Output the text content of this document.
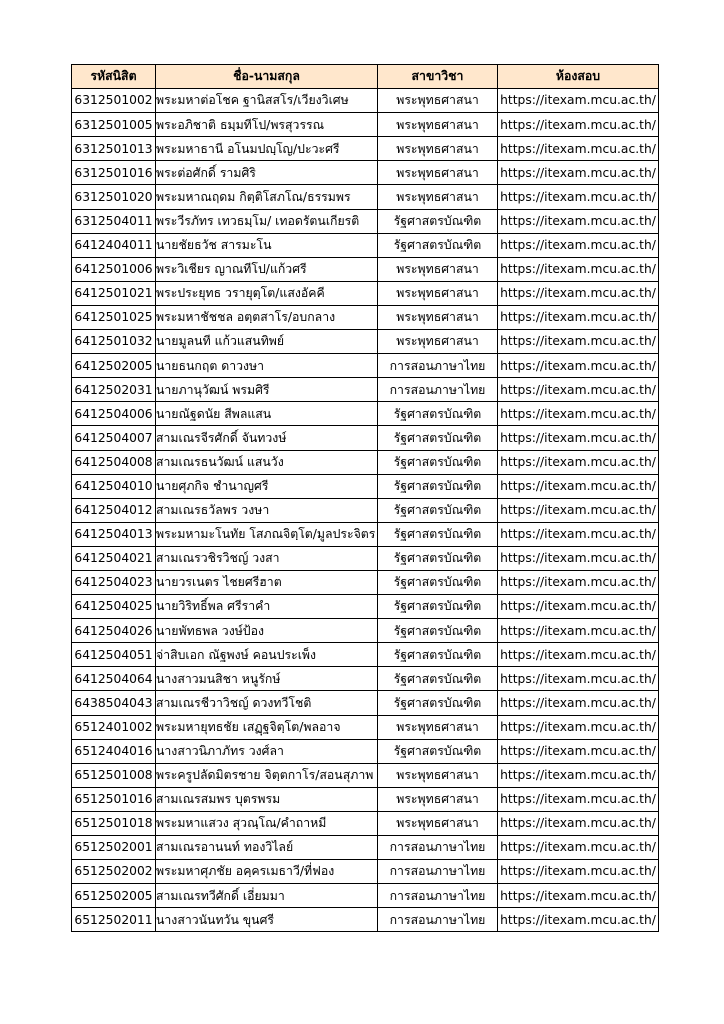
รหัสนิสิต	ชื่อ-นามสกุล	สาขาวิชา	ห้องสอบ
6312501002	พระมหาต่อโชค ฐานิสสโร/เวียงวิเศษ	พระพุทธศาสนา	https://itexam.mcu.ac.th/
6312501005	พระอภิชาติ ธมฺมทีโป/พรสุวรรณ	พระพุทธศาสนา	https://itexam.mcu.ac.th/
6312501013	พระมหาธานี อโนมปญฺโญ/ปะวะศรี	พระพุทธศาสนา	https://itexam.mcu.ac.th/
6312501016	พระต่อศักดิ์ รามศิริ	พระพุทธศาสนา	https://itexam.mcu.ac.th/
6312501020	พระมหาณฤดม กิตฺติโสภโณ/ธรรมพร	พระพุทธศาสนา	https://itexam.mcu.ac.th/
6312504011	พระวีรภัทร เทวธมฺโม/ เทอดรัตนเกียรติ	รัฐศาสตรบัณฑิต	https://itexam.mcu.ac.th/
6412404011	นายชัยธวัช สารมะโน	รัฐศาสตรบัณฑิต	https://itexam.mcu.ac.th/
6412501006	พระวิเชียร ญาณทีโป/แก้วศรี	พระพุทธศาสนา	https://itexam.mcu.ac.th/
6412501021	พระประยุทธ วรายุตฺโต/แสงอัคคี	พระพุทธศาสนา	https://itexam.mcu.ac.th/
6412501025	พระมหาชัชชล อตฺตสาโร/อบกลาง	พระพุทธศาสนา	https://itexam.mcu.ac.th/
6412501032	นายมูลนที แก้วแสนทิพย์	พระพุทธศาสนา	https://itexam.mcu.ac.th/
6412502005	นายธนกฤต ดาวงษา	การสอนภาษาไทย	https://itexam.mcu.ac.th/
6412502031	นายภานุวัฒน์ พรมศิรี	การสอนภาษาไทย	https://itexam.mcu.ac.th/
6412504006	นายณัฐดนัย สีพลแสน	รัฐศาสตรบัณฑิต	https://itexam.mcu.ac.th/
6412504007	สามเณรจีรศักดิ์ จันทวงษ์	รัฐศาสตรบัณฑิต	https://itexam.mcu.ac.th/
6412504008	สามเณรธนวัฒน์ แสนวัง	รัฐศาสตรบัณฑิต	https://itexam.mcu.ac.th/
6412504010	นายศุภกิจ ชำนาญศรี	รัฐศาสตรบัณฑิต	https://itexam.mcu.ac.th/
6412504012	สามเณรธวัลพร วงษา	รัฐศาสตรบัณฑิต	https://itexam.mcu.ac.th/
6412504013	พระมหามะโนทัย โสภณจิตฺโต/มูลประจิตร	รัฐศาสตรบัณฑิต	https://itexam.mcu.ac.th/
6412504021	สามเณรวชิรวิชญ์ วงสา	รัฐศาสตรบัณฑิต	https://itexam.mcu.ac.th/
6412504023	นายวรเนตร ไชยศรีฮาต	รัฐศาสตรบัณฑิต	https://itexam.mcu.ac.th/
6412504025	นายวิริทธิ์พล ศรีราคำ	รัฐศาสตรบัณฑิต	https://itexam.mcu.ac.th/
6412504026	นายพัทธพล วงษ์ป้อง	รัฐศาสตรบัณฑิต	https://itexam.mcu.ac.th/
6412504051	จ่าสิบเอก ณัฐพงษ์ คอนประเพ็ง	รัฐศาสตรบัณฑิต	https://itexam.mcu.ac.th/
6412504064	นางสาวมนสิชา หนูรักษ์	รัฐศาสตรบัณฑิต	https://itexam.mcu.ac.th/
6438504043	สามเณรชีวาวิชญ์ ดวงทวีโชติ	รัฐศาสตรบัณฑิต	https://itexam.mcu.ac.th/
6512401002	พระมหายุทธชัย เสฏฺฐจิตฺโต/พลอาจ	พระพุทธศาสนา	https://itexam.mcu.ac.th/
6512404016	นางสาวนิภาภัทร วงศ์ลา	รัฐศาสตรบัณฑิต	https://itexam.mcu.ac.th/
6512501008	พระครูปลัดมิตรชาย จิตฺตกาโร/สอนสุภาพ	พระพุทธศาสนา	https://itexam.mcu.ac.th/
6512501016	สามเณรสมพร บุตรพรม	พระพุทธศาสนา	https://itexam.mcu.ac.th/
6512501018	พระมหาแสวง สุวณฺโณ/คำถาหมี	พระพุทธศาสนา	https://itexam.mcu.ac.th/
6512502001	สามเณรอานนท์ ทองวิไลย์	การสอนภาษาไทย	https://itexam.mcu.ac.th/
6512502002	พระมหาศุภชัย อคฺครเมธาวี/ที่ฟอง	การสอนภาษาไทย	https://itexam.mcu.ac.th/
6512502005	สามเณรทวีศักดิ์ เอี่ยมมา	การสอนภาษาไทย	https://itexam.mcu.ac.th/
6512502011	นางสาวนันทวัน ขุนศรี	การสอนภาษาไทย	https://itexam.mcu.ac.th/
